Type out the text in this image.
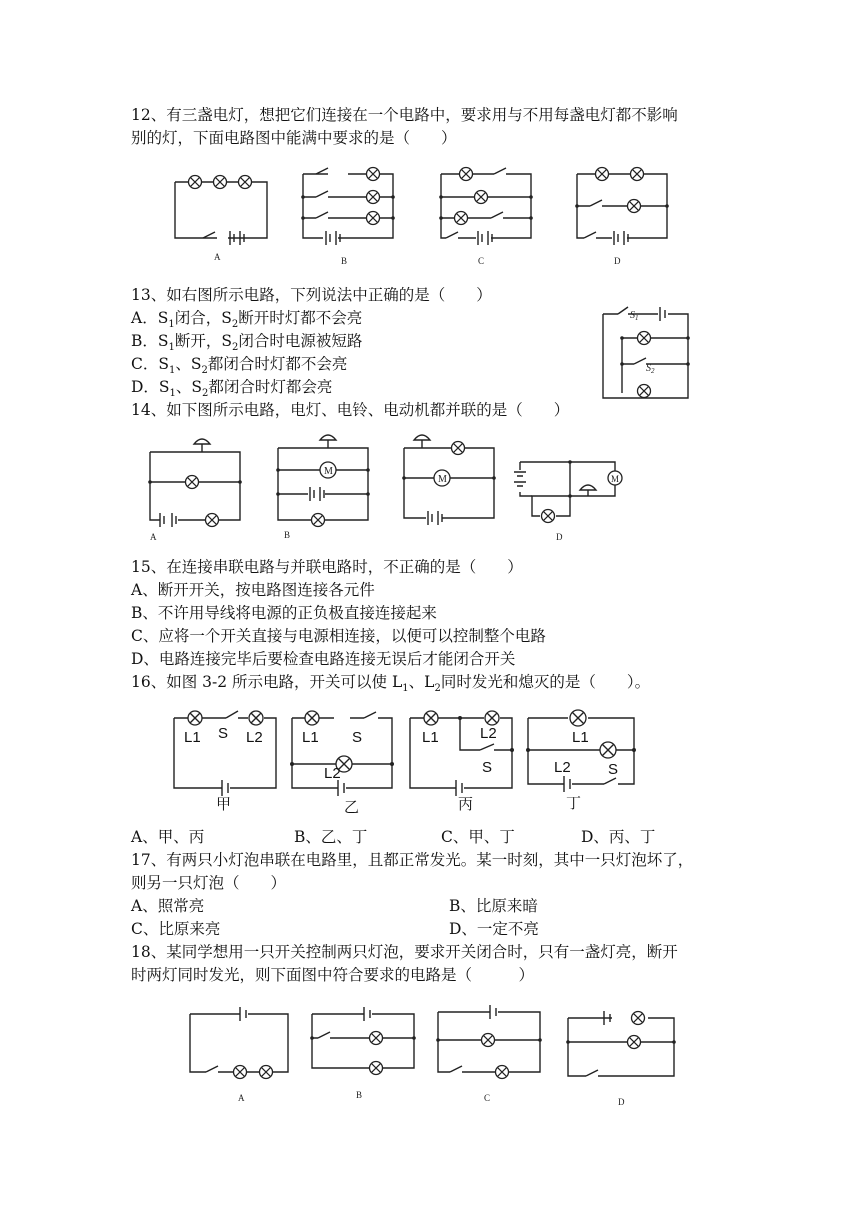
12、有三盏电灯，想把它们连接在一个电路中，要求用与不用每盏电灯都不影响
别的灯，下面电路图中能满中要求的是（　　）
A	B	C	D
13、如右图所示电路，下列说法中正确的是（　　）
A．$S_1$闭合，$S_2$断开时灯都不会亮
B．$S_1$断开，$S_2$闭合时电源被短路
C．$S_1$、$S_2$都闭合时灯都不会亮
D．$S_1$、$S_2$都闭合时灯都会亮
$S_1$
$S_2$
14、如下图所示电路，电灯、电铃、电动机都并联的是（　　）
A
M
B
M	M
D
15、在连接串联电路与并联电路时，不正确的是（　　）
A、断开开关，按电路图连接各元件
B、不许用导线将电源的正负极直接连接起来
C、应将一个开关直接与电源相连接，以便可以控制整个电路
D、电路连接完毕后要检查电路连接无误后才能闭合开关
16、如图 3-2 所示电路，开关可以使 $L_1$、$L_2$同时发光和熄灭的是（　　）。
L1 S L2
甲
L1 S
L2
乙
L1	L2
S
丙
L1
L2 S
丁
A、甲、丙	B、乙、丁	C、甲、丁	D、丙、丁
17、有两只小灯泡串联在电路里，且都正常发光。某一时刻，其中一只灯泡坏了，
则另一只灯泡（　　）
A、照常亮	B、比原来暗
C、比原来亮	D、一定不亮
18、某同学想用一只开关控制两只灯泡，要求开关闭合时，只有一盏灯亮，断开
时两灯同时发光，则下面图中符合要求的电路是（　　　）
A	B	C	D
